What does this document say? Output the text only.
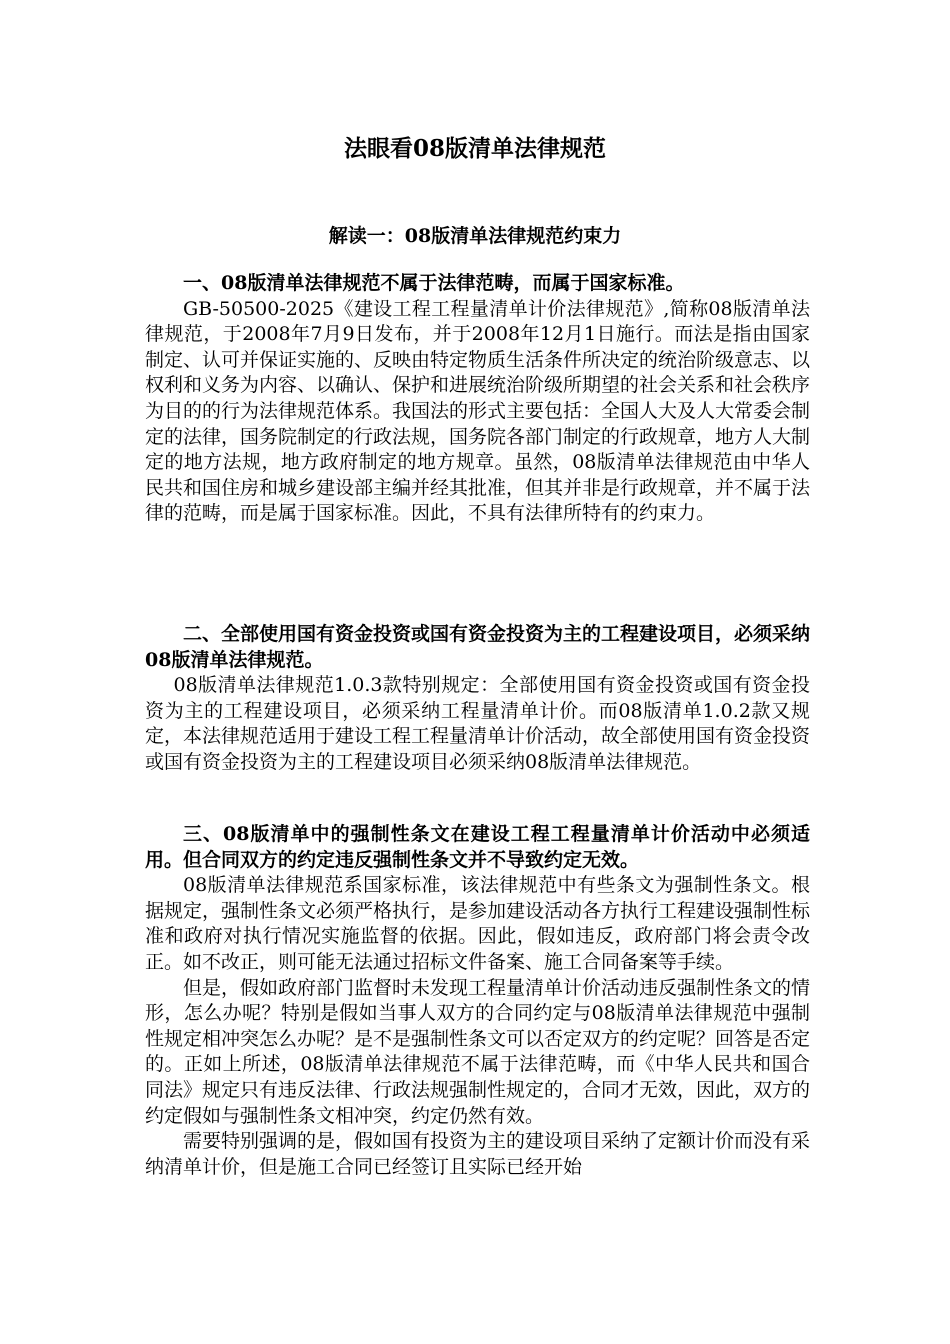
法眼看08版清单法律规范
解读一：08版清单法律规范约束力

一、08版清单法律规范不属于法律范畴，而属于国家标准。

GB-50500-2025《建设工程工程量清单计价法律规范》,简称08版清单法律规范，于2008年7月9日发布，并于2008年12月1日施行。而法是指由国家制定、认可并保证实施的、反映由特定物质生活条件所决定的统治阶级意志、以权利和义务为内容、以确认、保护和进展统治阶级所期望的社会关系和社会秩序为目的的行为法律规范体系。我国法的形式主要包括：全国人大及人大常委会制定的法律，国务院制定的行政法规，国务院各部门制定的行政规章，地方人大制定的地方法规，地方政府制定的地方规章。虽然，08版清单法律规范由中华人民共和国住房和城乡建设部主编并经其批准，但其并非是行政规章，并不属于法律的范畴，而是属于国家标准。因此，不具有法律所特有的约束力。

二、全部使用国有资金投资或国有资金投资为主的工程建设项目，必须采纳08版清单法律规范。

08版清单法律规范1.0.3款特别规定：全部使用国有资金投资或国有资金投资为主的工程建设项目，必须采纳工程量清单计价。而08版清单1.0.2款又规定，本法律规范适用于建设工程工程量清单计价活动，故全部使用国有资金投资或国有资金投资为主的工程建设项目必须采纳08版清单法律规范。

三、08版清单中的强制性条文在建设工程工程量清单计价活动中必须适用。但合同双方的约定违反强制性条文并不导致约定无效。

08版清单法律规范系国家标准，该法律规范中有些条文为强制性条文。根据规定，强制性条文必须严格执行，是参加建设活动各方执行工程建设强制性标准和政府对执行情况实施监督的依据。因此，假如违反，政府部门将会责令改正。如不改正，则可能无法通过招标文件备案、施工合同备案等手续。

但是，假如政府部门监督时未发现工程量清单计价活动违反强制性条文的情形，怎么办呢？特别是假如当事人双方的合同约定与08版清单法律规范中强制性规定相冲突怎么办呢？是不是强制性条文可以否定双方的约定呢？回答是否定的。正如上所述，08版清单法律规范不属于法律范畴，而《中华人民共和国合同法》规定只有违反法律、行政法规强制性规定的，合同才无效，因此，双方的约定假如与强制性条文相冲突，约定仍然有效。

需要特别强调的是，假如国有投资为主的建设项目采纳了定额计价而没有采纳清单计价，但是施工合同已经签订且实际已经开始
